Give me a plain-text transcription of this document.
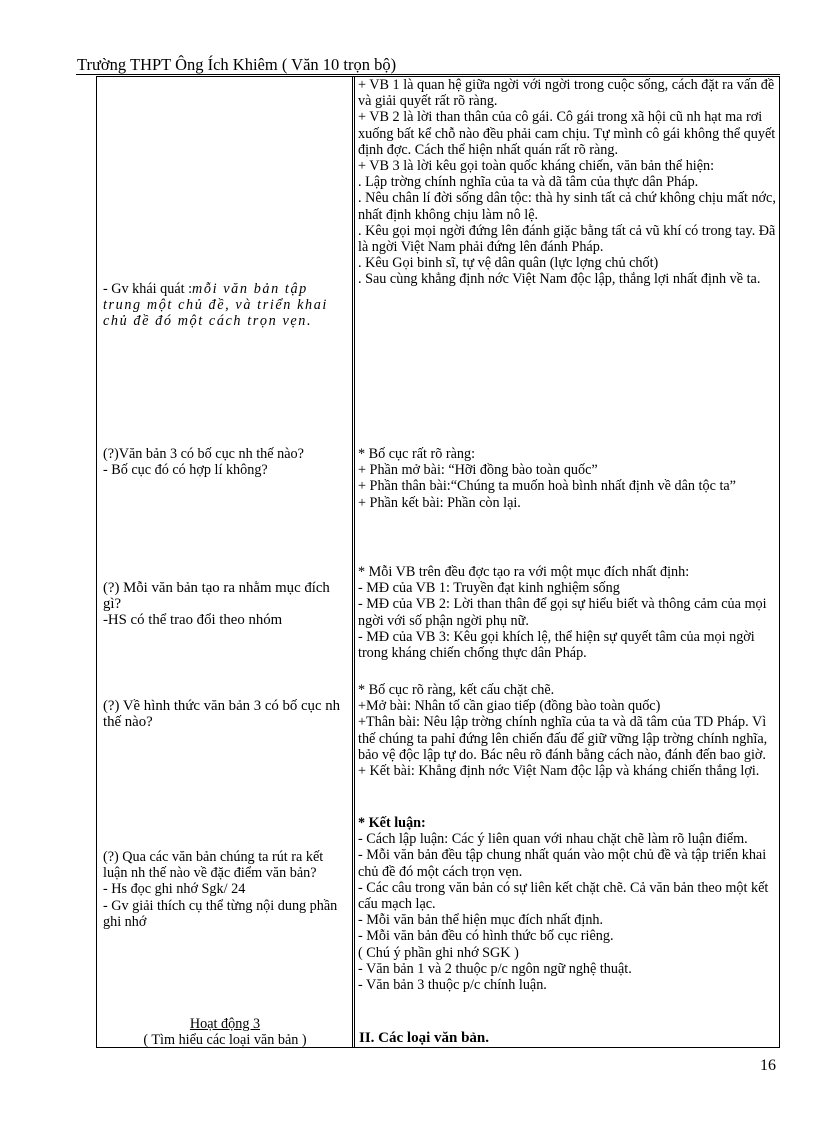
Trường THPT Ông Ích Khiêm ( Văn 10 trọn bộ)
- Gv khái quát :mỗi văn bản tập trung một chủ đề, và triển khai chủ đề đó một cách trọn vẹn.

(?)Văn bản 3 có bố cục nh thế nào?

- Bố cục đó có hợp lí không?

(?) Mỗi văn bản tạo ra nhằm mục đích gì?

-HS có thể trao đổi theo nhóm

(?) Về hình thức văn bản 3 có bố cục nh thế nào?

(?) Qua các văn bản chúng ta rút ra kết luận nh thế nào về đặc điểm văn bản?

- Hs đọc ghi nhớ Sgk/ 24

- Gv giải thích cụ thể từng nội dung phần ghi nhớ

Hoạt động 3
( Tìm hiểu các loại văn bản )

+ VB 1 là quan hệ giữa ngời với ngời trong cuộc sống, cách đặt ra vấn đề và giải quyết rất rõ ràng.

+ VB 2 là lời than thân của cô gái. Cô gái trong xã hội cũ nh hạt ma rơi xuống bất kể chỗ nào đều phải cam chịu. Tự mình cô gái không thể quyết định đợc. Cách thể hiện nhất quán rất rõ ràng.

+ VB 3 là lời kêu gọi toàn quốc kháng chiến, văn bản thể hiện:

. Lập trờng chính nghĩa của ta và dã tâm của thực dân Pháp.

. Nêu chân lí đời sống dân tộc: thà hy sinh tất cả chứ không chịu mất nớc, nhất định không chịu làm nô lệ.

. Kêu gọi mọi ngời đứng lên đánh giặc bằng tất cả vũ khí có trong tay. Đã là ngời Việt Nam phải đứng lên đánh Pháp.

. Kêu Gọi binh sĩ, tự vệ dân quân (lực lợng chủ chốt)

. Sau cùng khẳng định nớc Việt Nam độc lập, thắng lợi nhất định về ta.

* Bố cục rất rõ ràng:

+ Phần mở bài: “Hỡi đồng bào toàn quốc”

+ Phần thân bài:“Chúng ta muốn hoà bình nhất định về dân tộc ta”

+ Phần kết bài: Phần còn lại.

* Mỗi VB trên đều đợc tạo ra với một mục đích nhất định:

- MĐ của VB 1: Truyền đạt kinh nghiệm sống

- MĐ của VB 2: Lời than thân để gọi sự hiểu biết và thông cảm của mọi ngời với số phận ngời phụ nữ.

- MĐ của VB 3: Kêu gọi khích lệ, thể hiện sự quyết tâm của mọi ngời trong kháng chiến chống thực dân Pháp.

* Bố cục rõ ràng, kết cấu chặt chẽ.

+Mở bài: Nhân tố cần giao tiếp (đồng bào toàn quốc)

+Thân bài: Nêu lập trờng chính nghĩa của ta và dã tâm của TD Pháp. Vì thế chúng ta pahỉ đứng lên chiến đấu để giữ vững lập trờng chính nghĩa, bảo vệ độc lập tự do. Bác nêu rõ đánh bằng cách nào, đánh đến bao giờ.

+ Kết bài: Khẳng định nớc Việt Nam độc lập và kháng chiến thắng lợi.

* Kết luận:

- Cách lập luận: Các ý liên quan với nhau chặt chẽ làm rõ luận điểm.

- Mỗi văn bản đều tập chung nhất quán vào một chủ đề và tập triển khai chủ đề đó một cách trọn vẹn.

- Các câu trong văn bản có sự liên kết chặt chẽ. Cả văn bản theo một kết cấu mạch lạc.

- Mỗi văn bản thể hiện mục đích nhất định.

- Mỗi văn bản đều có hình thức bố cục riêng.

( Chú ý phần ghi nhớ SGK )

- Văn bản 1 và 2 thuộc p/c ngôn ngữ nghệ thuật.

- Văn bản 3 thuộc p/c chính luận.

II. Các loại văn bản.
16
